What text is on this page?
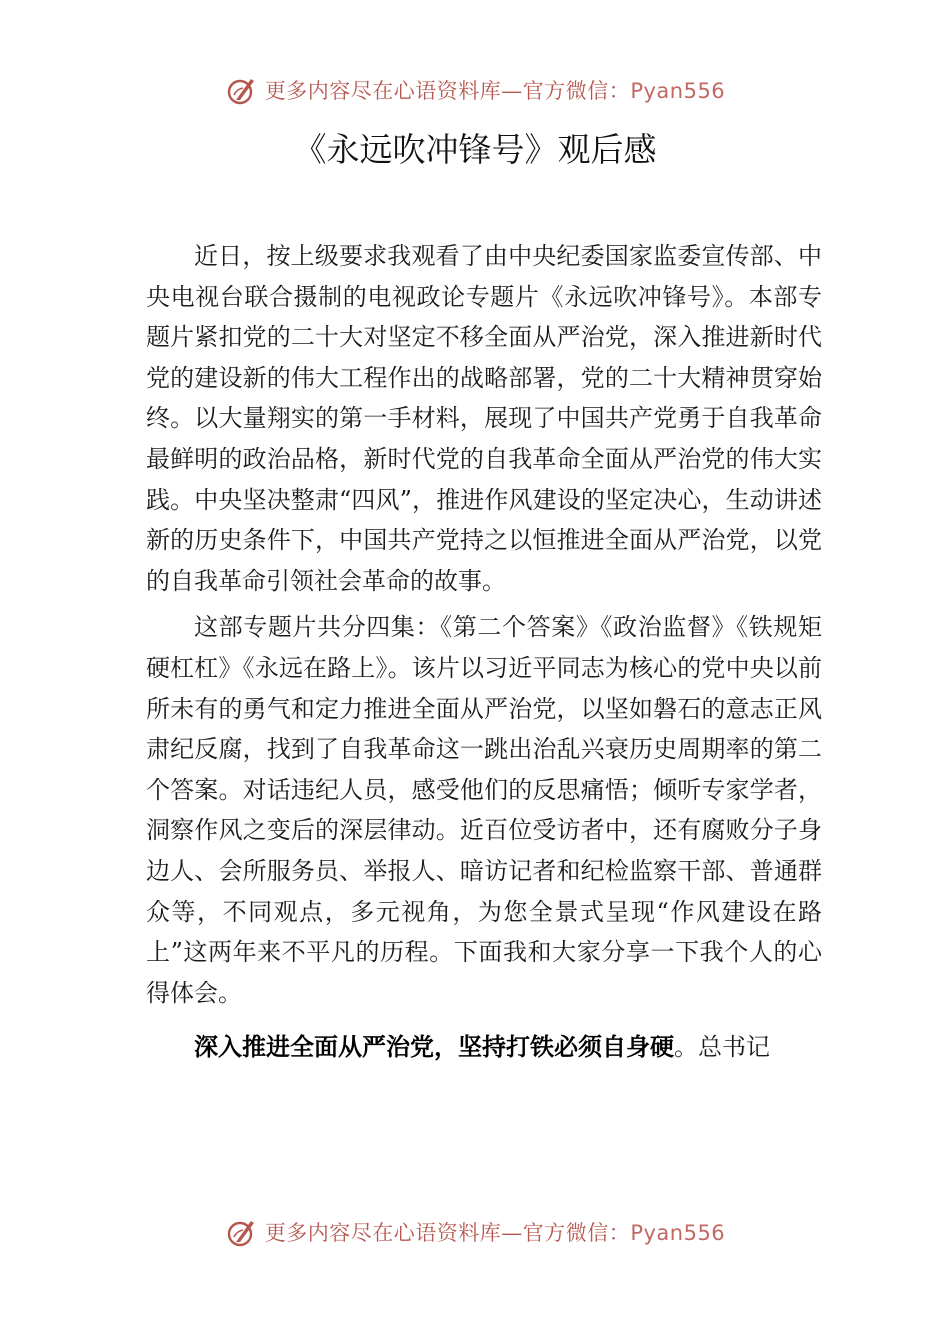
更多内容尽在心语资料库—官方微信：Pyan556
《永远吹冲锋号》观后感

近日，按上级要求我观看了由中央纪委国家监委宣传部、中央电视台联合摄制的电视政论专题片《永远吹冲锋号》。本部专题片紧扣党的二十大对坚定不移全面从严治党，深入推进新时代党的建设新的伟大工程作出的战略部署，党的二十大精神贯穿始终。以大量翔实的第一手材料，展现了中国共产党勇于自我革命最鲜明的政治品格，新时代党的自我革命全面从严治党的伟大实践。中央坚决整肃“四风”，推进作风建设的坚定决心，生动讲述新的历史条件下，中国共产党持之以恒推进全面从严治党，以党的自我革命引领社会革命的故事。

这部专题片共分四集：《第二个答案》《政治监督》《铁规矩硬杠杠》《永远在路上》。该片以习近平同志为核心的党中央以前所未有的勇气和定力推进全面从严治党，以坚如磐石的意志正风肃纪反腐，找到了自我革命这一跳出治乱兴衰历史周期率的第二个答案。对话违纪人员，感受他们的反思痛悟；倾听专家学者，洞察作风之变后的深层律动。近百位受访者中，还有腐败分子身边人、会所服务员、举报人、暗访记者和纪检监察干部、普通群众等，不同观点，多元视角，为您全景式呈现“作风建设在路上”这两年来不平凡的历程。下面我和大家分享一下我个人的心得体会。

深入推进全面从严治党，坚持打铁必须自身硬。总书记

更多内容尽在心语资料库—官方微信：Pyan556
